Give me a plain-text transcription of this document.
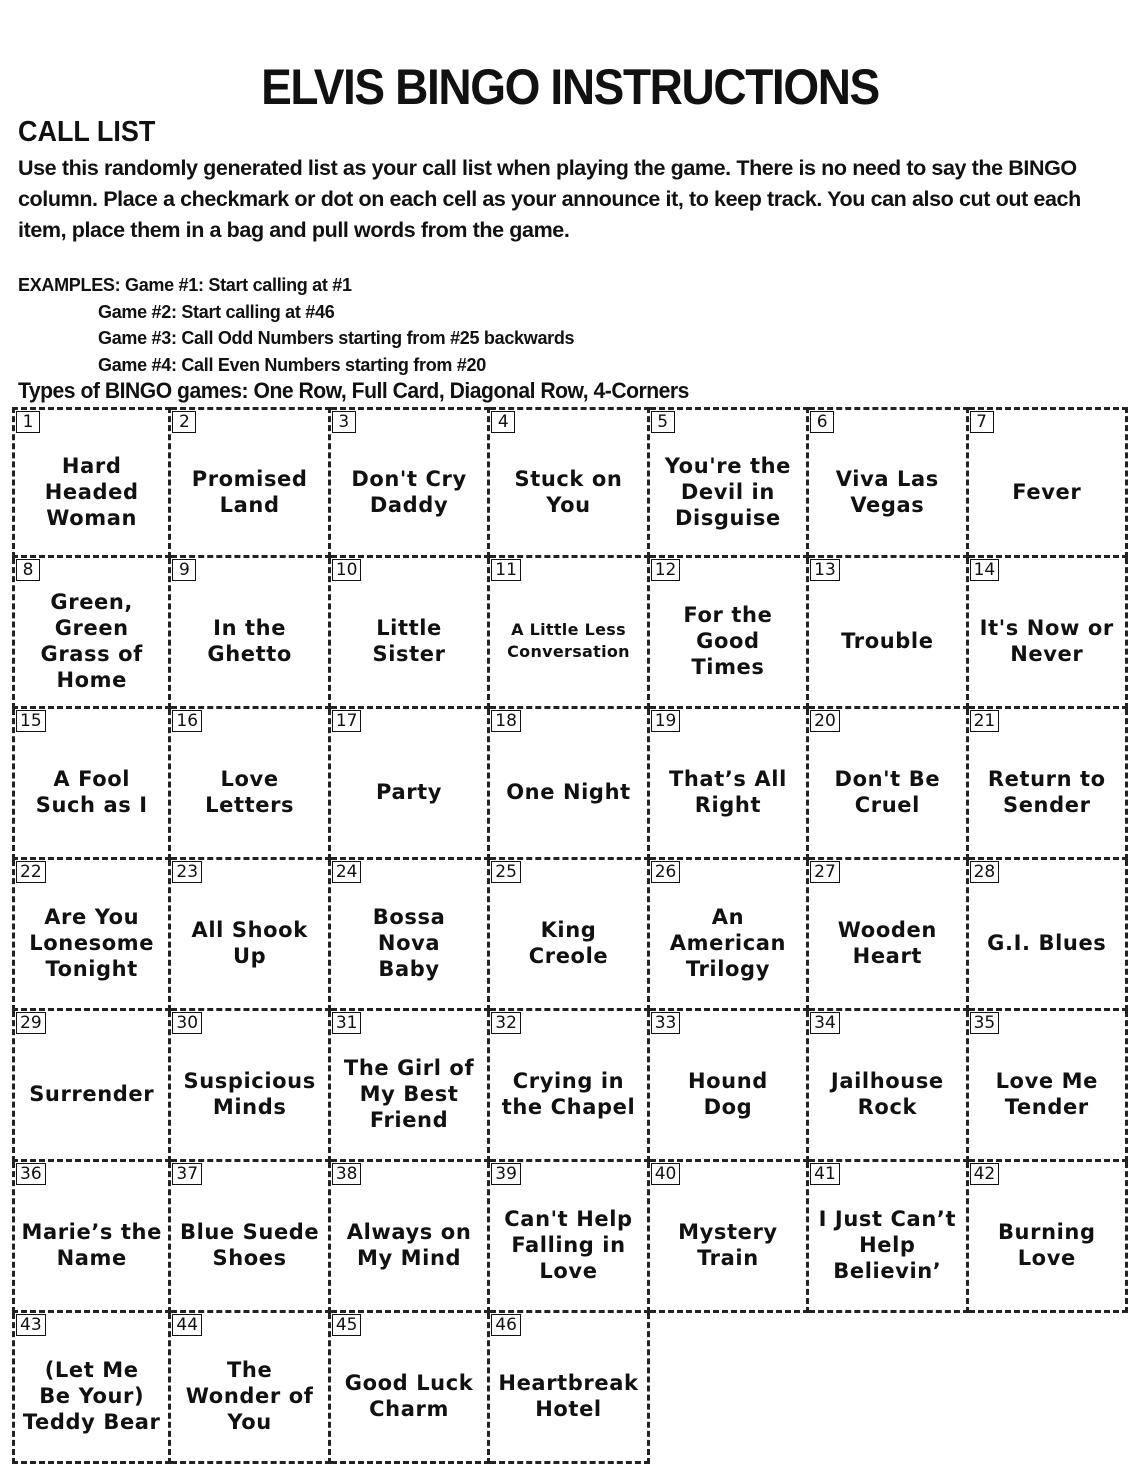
ELVIS BINGO INSTRUCTIONS
CALL LIST
Use this randomly generated list as your call list when playing the game. There is no need to say the BINGO column. Place a checkmark or dot on each cell as your announce it, to keep track. You can also cut out each item, place them in a bag and pull words from the game.
EXAMPLES: Game #1: Start calling at #1
Game #2: Start calling at #46
Game #3: Call Odd Numbers starting from #25 backwards
Game #4: Call Even Numbers starting from #20
Types of BINGO games: One Row, Full Card, Diagonal Row, 4-Corners
1
Hard
Headed
Woman
2
Promised
Land
3
Don't Cry
Daddy
4
Stuck on
You
5
You're the
Devil in
Disguise
6
Viva Las
Vegas
7
Fever
8
Green,
Green
Grass of
Home
9
In the
Ghetto
10
Little
Sister
11
A Little Less
Conversation
12
For the
Good
Times
13
Trouble
14
It's Now or
Never
15
A Fool
Such as I
16
Love
Letters
17
Party
18
One Night
19
That’s All
Right
20
Don't Be
Cruel
21
Return to
Sender
22
Are You
Lonesome
Tonight
23
All Shook
Up
24
Bossa
Nova
Baby
25
King
Creole
26
An
American
Trilogy
27
Wooden
Heart
28
G.I. Blues
29
Surrender
30
Suspicious
Minds
31
The Girl of
My Best
Friend
32
Crying in
the Chapel
33
Hound
Dog
34
Jailhouse
Rock
35
Love Me
Tender
36
Marie’s the
Name
37
Blue Suede
Shoes
38
Always on
My Mind
39
Can't Help
Falling in
Love
40
Mystery
Train
41
I Just Can’t
Help
Believin’
42
Burning
Love
43
(Let Me
Be Your)
Teddy Bear
44
The
Wonder of
You
45
Good Luck
Charm
46
Heartbreak
Hotel
